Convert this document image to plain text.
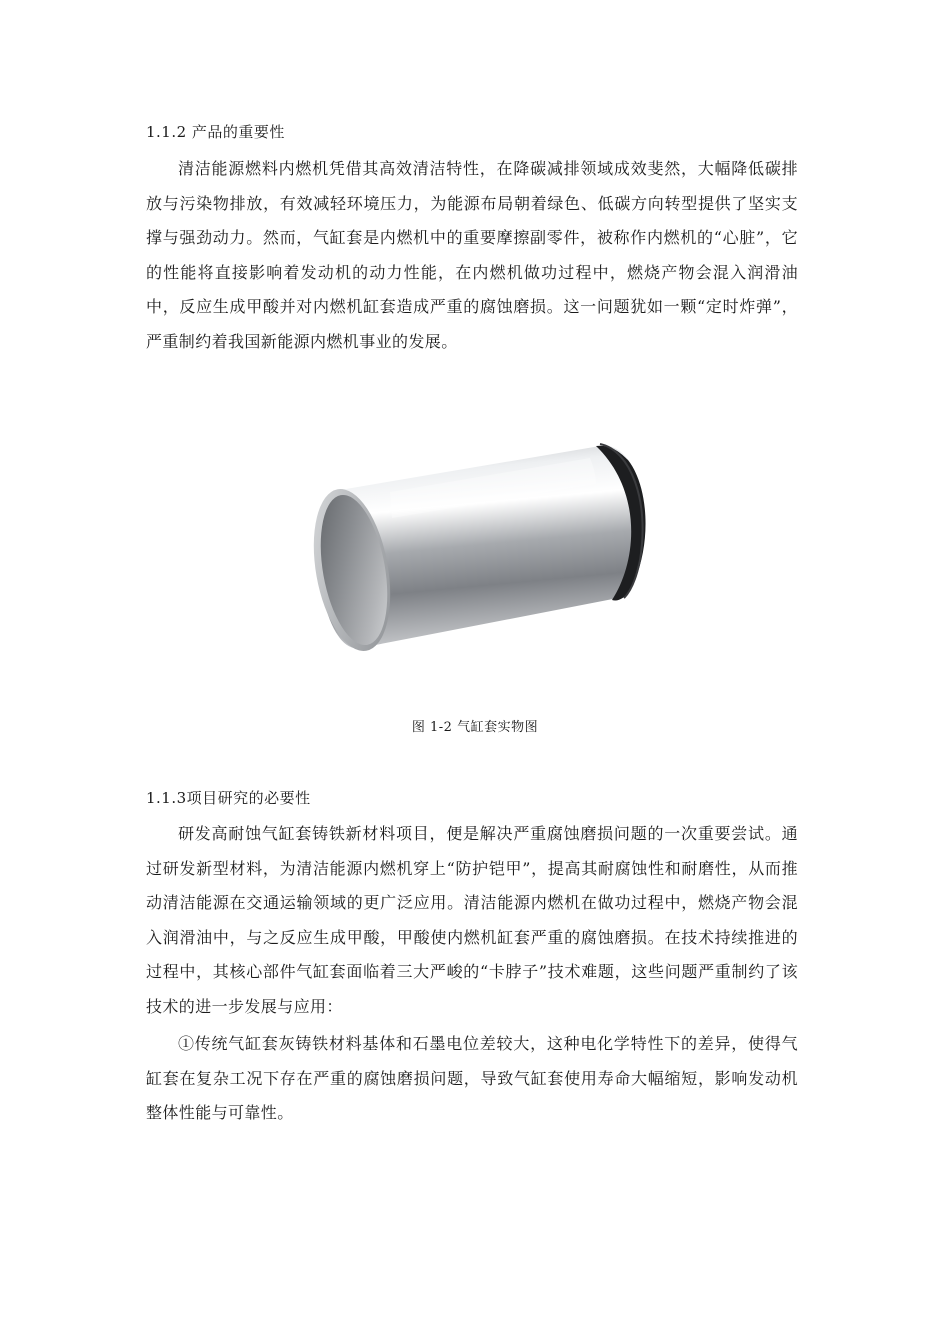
1.1.2 产品的重要性

清洁能源燃料内燃机凭借其高效清洁特性，在降碳减排领域成效斐然，大幅降低碳排放与污染物排放，有效减轻环境压力，为能源布局朝着绿色、低碳方向转型提供了坚实支撑与强劲动力。然而，气缸套是内燃机中的重要摩擦副零件，被称作内燃机的“心脏”，它的性能将直接影响着发动机的动力性能，在内燃机做功过程中，燃烧产物会混入润滑油中，反应生成甲酸并对内燃机缸套造成严重的腐蚀磨损。这一问题犹如一颗“定时炸弹”，严重制约着我国新能源内燃机事业的发展。

图 1-2 气缸套实物图
1.1.3项目研究的必要性

研发高耐蚀气缸套铸铁新材料项目，便是解决严重腐蚀磨损问题的一次重要尝试。通过研发新型材料，为清洁能源内燃机穿上“防护铠甲”，提高其耐腐蚀性和耐磨性，从而推动清洁能源在交通运输领域的更广泛应用。清洁能源内燃机在做功过程中，燃烧产物会混入润滑油中，与之反应生成甲酸，甲酸使内燃机缸套严重的腐蚀磨损。在技术持续推进的过程中，其核心部件气缸套面临着三大严峻的“卡脖子”技术难题，这些问题严重制约了该技术的进一步发展与应用：

①传统气缸套灰铸铁材料基体和石墨电位差较大，这种电化学特性下的差异，使得气缸套在复杂工况下存在严重的腐蚀磨损问题，导致气缸套使用寿命大幅缩短，影响发动机整体性能与可靠性。
